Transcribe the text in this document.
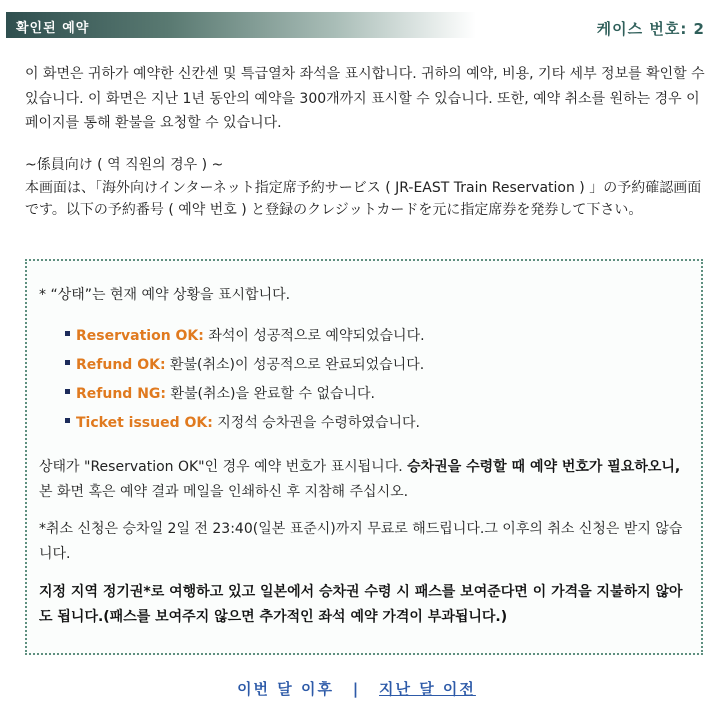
확인된 예약	케이스 번호: 2
이 화면은 귀하가 예약한 신칸센 및 특급열차 좌석을 표시합니다. 귀하의 예약, 비용, 기타 세부 정보를 확인할 수 있습니다. 이 화면은 지난 1년 동안의 예약을 300개까지 표시할 수 있습니다. 또한, 예약 취소를 원하는 경우 이 페이지를 통해 환불을 요청할 수 있습니다.
~係員向け ( 역 직원의 경우 ) ~
本画面は、「海外向けインターネット指定席予約サービス ( JR-EAST Train Reservation ) 」の予約確認画面です。以下の予約番号 ( 예약 번호 ) と登録のクレジットカードを元に指定席券を発券して下さい。
* “상태”는 현재 예약 상황을 표시합니다.
Reservation OK: 좌석이 성공적으로 예약되었습니다.
Refund OK: 환불(취소)이 성공적으로 완료되었습니다.
Refund NG: 환불(취소)을 완료할 수 없습니다.
Ticket issued OK: 지정석 승차권을 수령하였습니다.
상태가 "Reservation OK"인 경우 예약 번호가 표시됩니다. 승차권을 수령할 때 예약 번호가 필요하오니, 본 화면 혹은 예약 결과 메일을 인쇄하신 후 지참해 주십시오.
*취소 신청은 승차일 2일 전 23:40(일본 표준시)까지 무료로 해드립니다.그 이후의 취소 신청은 받지 않습니다.
지정 지역 정기권*로 여행하고 있고 일본에서 승차권 수령 시 패스를 보여준다면 이 가격을 지불하지 않아도 됩니다.(패스를 보여주지 않으면 추가적인 좌석 예약 가격이 부과됩니다.)
이번 달 이후 | 지난 달 이전
